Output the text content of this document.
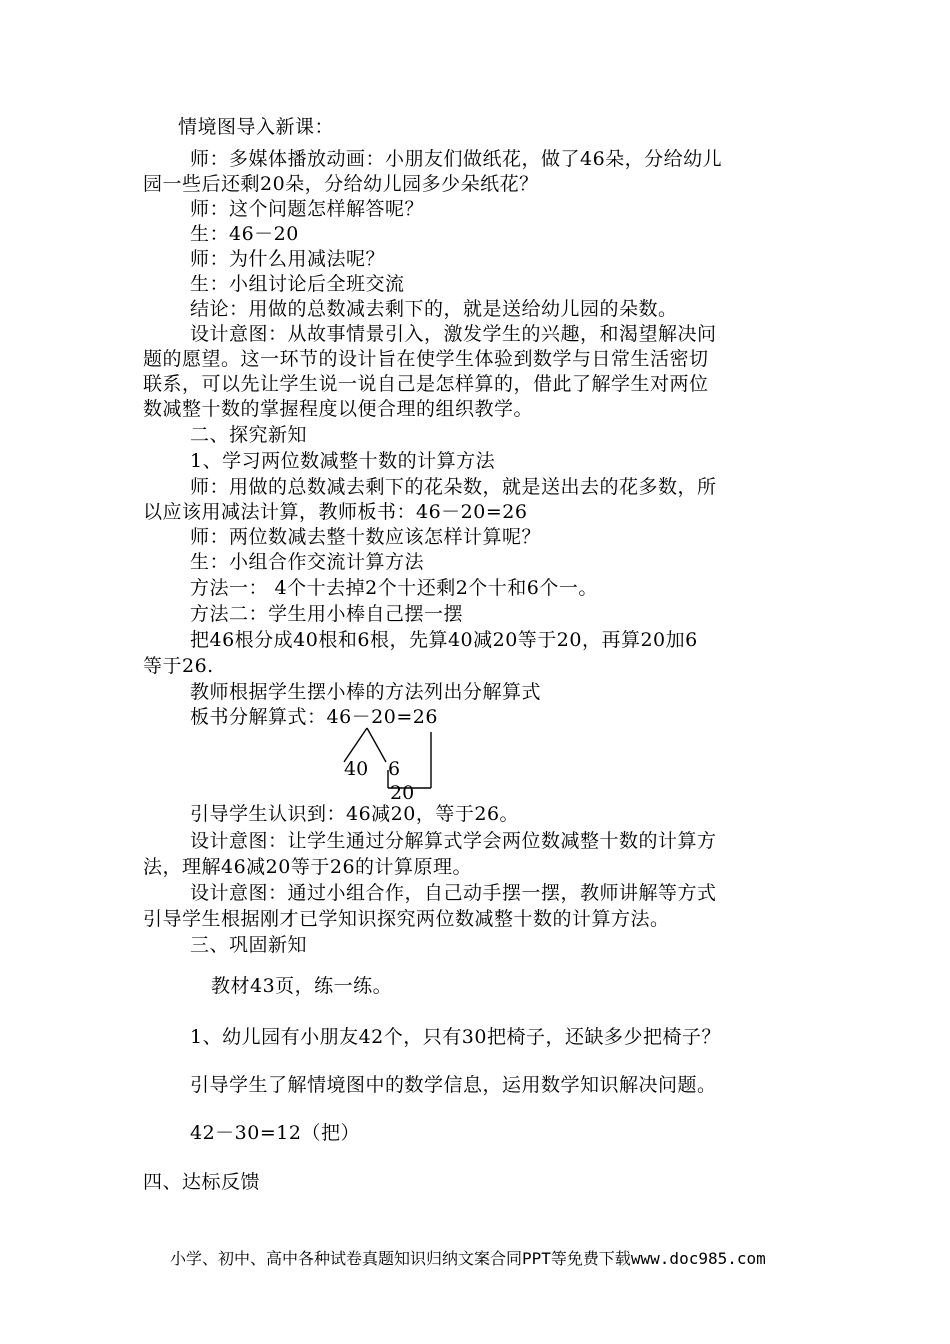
情境图导入新课：
师：多媒体播放动画：小朋友们做纸花，做了46朵，分给幼儿
园一些后还剩20朵，分给幼儿园多少朵纸花？
师：这个问题怎样解答呢？
生：46－20
师：为什么用减法呢？
生：小组讨论后全班交流
结论：用做的总数减去剩下的，就是送给幼儿园的朵数。
设计意图：从故事情景引入，激发学生的兴趣，和渴望解决问
题的愿望。这一环节的设计旨在使学生体验到数学与日常生活密切
联系，可以先让学生说一说自己是怎样算的，借此了解学生对两位
数减整十数的掌握程度以便合理的组织教学。
二、探究新知
1、学习两位数减整十数的计算方法
师：用做的总数减去剩下的花朵数，就是送出去的花多数，所
以应该用减法计算，教师板书：46－20=26
师：两位数减去整十数应该怎样计算呢？
生：小组合作交流计算方法
方法一： 4个十去掉2个十还剩2个十和6个一。
方法二：学生用小棒自己摆一摆
把46根分成40根和6根，先算40减20等于20，再算20加6
等于26.
教师根据学生摆小棒的方法列出分解算式
板书分解算式：46－20=26
40 6
20
引导学生认识到：46减20，等于26。
设计意图：让学生通过分解算式学会两位数减整十数的计算方
法，理解46减20等于26的计算原理。
设计意图：通过小组合作，自己动手摆一摆，教师讲解等方式
引导学生根据刚才已学知识探究两位数减整十数的计算方法。
三、巩固新知
教材43页，练一练。
1、幼儿园有小朋友42个，只有30把椅子，还缺多少把椅子？
引导学生了解情境图中的数学信息，运用数学知识解决问题。
42－30=12（把）
四、达标反馈
小学、初中、高中各种试卷真题知识归纳文案合同PPT等免费下载www.doc985.com
